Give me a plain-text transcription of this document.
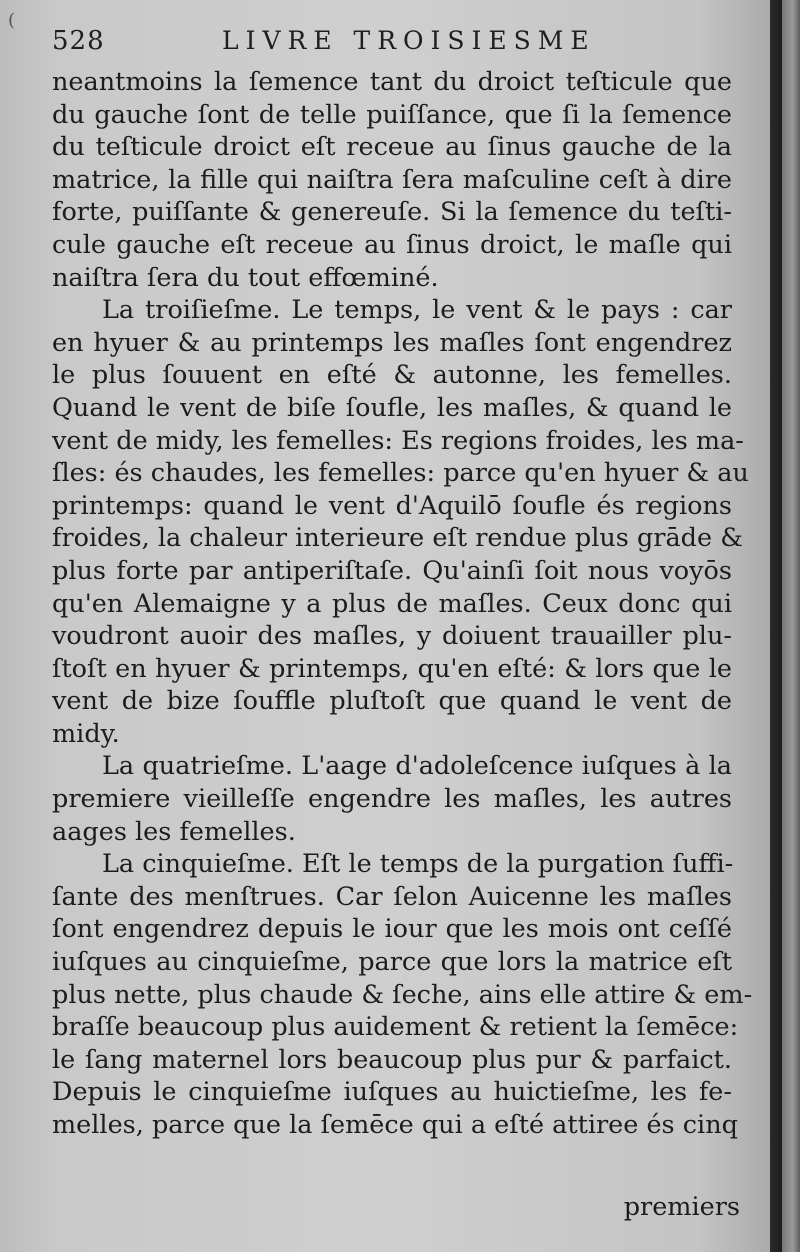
(
528	LIVRE TROISIESME
neantmoins la ſemence tant du droict teſticule que
du gauche ſont de telle puiſſance, que ſi la ſemence
du teſticule droict eſt receue au ſinus gauche de la
matrice, la fille qui naiſtra ſera maſculine ceſt à dire
forte, puiſſante & genereuſe. Si la ſemence du teſti-
cule gauche eſt receue au ſinus droict, le maſle qui
naiſtra ſera du tout effœminé.
La troiſieſme. Le temps, le vent & le pays : car
en hyuer & au printemps les maſles ſont engendrez
le plus ſouuent en eſté & autonne, les femelles.
Quand le vent de biſe ſoufle, les maſles, & quand le
vent de midy, les femelles: Es regions froides, les ma-
ſles: és chaudes, les femelles: parce qu'en hyuer & au
printemps: quand le vent d'Aquilō ſoufle és regions
froides, la chaleur interieure eſt rendue plus grāde &
plus forte par antiperiſtaſe. Qu'ainſi ſoit nous voyōs
qu'en Alemaigne y a plus de maſles. Ceux donc qui
voudront auoir des maſles, y doiuent trauailler plu-
ſtoſt en hyuer & printemps, qu'en eſté: & lors que le
vent de bize ſouffle pluſtoſt que quand le vent de
midy.
La quatrieſme. L'aage d'adoleſcence iuſques à la
premiere vieilleſſe engendre les maſles, les autres
aages les femelles.
La cinquieſme. Eſt le temps de la purgation ſuffi-
ſante des menſtrues. Car ſelon Auicenne les maſles
ſont engendrez depuis le iour que les mois ont ceſſé
iuſques au cinquieſme, parce que lors la matrice eſt
plus nette, plus chaude & ſeche, ains elle attire & em-
braſſe beaucoup plus auidement & retient la ſemēce:
le ſang maternel lors beaucoup plus pur & parfaict.
Depuis le cinquieſme iuſques au huictieſme, les fe-
melles, parce que la ſemēce qui a eſté attiree és cinq
premiers
